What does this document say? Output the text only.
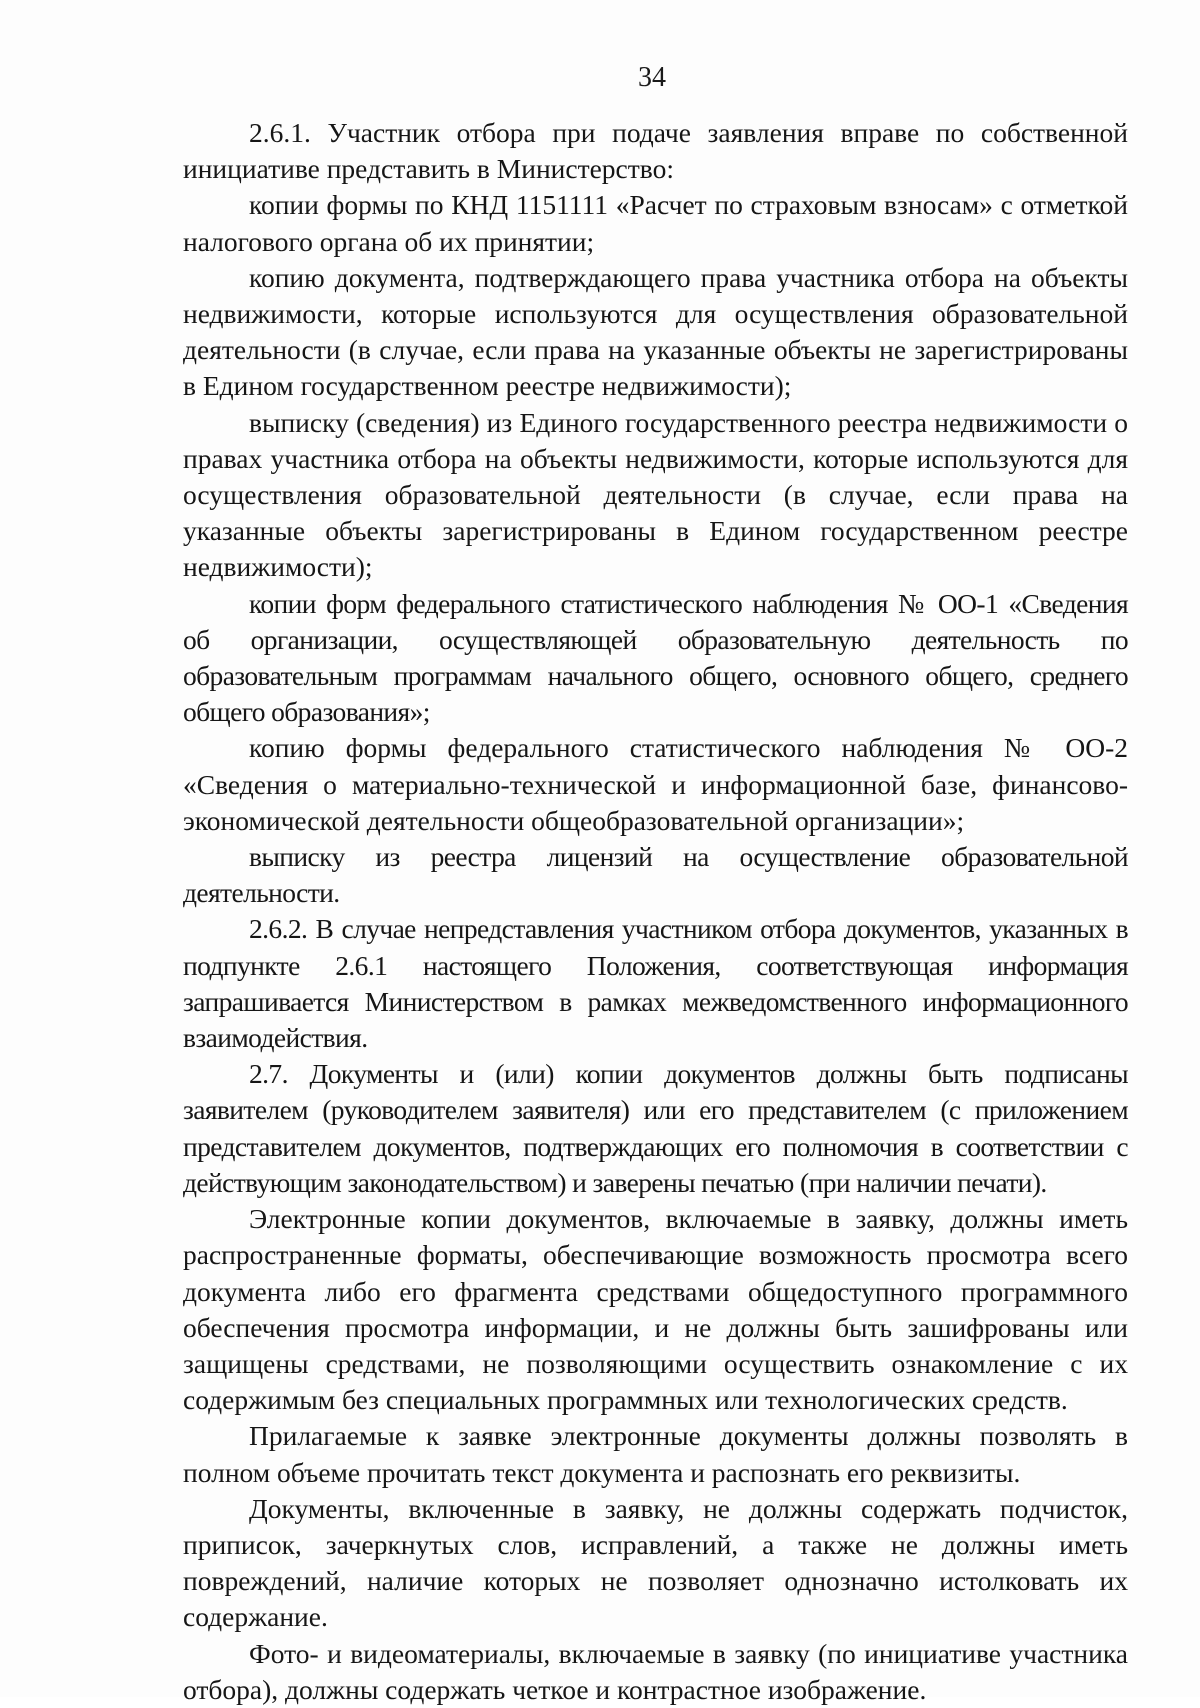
34

2.6.1. Участник отбора при подаче заявления вправе по собственной инициативе представить в Министерство:

копии формы по КНД 1151111 «Расчет по страховым взносам» с отметкой налогового органа об их принятии;

копию документа, подтверждающего права участника отбора на объекты недвижимости, которые используются для осуществления образовательной деятельности (в случае, если права на указанные объекты не зарегистрированы в Едином государственном реестре недвижимости);

выписку (сведения) из Единого государственного реестра недвижимости о правах участника отбора на объекты недвижимости, которые используются для осуществления образовательной деятельности (в случае, если права на указанные объекты зарегистрированы в Едином государственном реестре недвижимости);

копии форм федерального статистического наблюдения № ОО-1 «Сведения об организации, осуществляющей образовательную деятельность по образовательным программам начального общего, основного общего, среднего общего образования»;

копию формы федерального статистического наблюдения № ОО-2 «Сведения о материально-технической и информационной базе, финансово-экономической деятельности общеобразовательной организации»;

выписку из реестра лицензий на осуществление образовательной деятельности.

2.6.2. В случае непредставления участником отбора документов, указанных в подпункте 2.6.1 настоящего Положения, соответствующая информация запрашивается Министерством в рамках межведомственного информационного взаимодействия.

2.7. Документы и (или) копии документов должны быть подписаны заявителем (руководителем заявителя) или его представителем (с приложением представителем документов, подтверждающих его полномочия в соответствии с действующим законодательством) и заверены печатью (при наличии печати).

Электронные копии документов, включаемые в заявку, должны иметь распространенные форматы, обеспечивающие возможность просмотра всего документа либо его фрагмента средствами общедоступного программного обеспечения просмотра информации, и не должны быть зашифрованы или защищены средствами, не позволяющими осуществить ознакомление с их содержимым без специальных программных или технологических средств.

Прилагаемые к заявке электронные документы должны позволять в полном объеме прочитать текст документа и распознать его реквизиты.

Документы, включенные в заявку, не должны содержать подчисток, приписок, зачеркнутых слов, исправлений, а также не должны иметь повреждений, наличие которых не позволяет однозначно истолковать их содержание.

Фото- и видеоматериалы, включаемые в заявку (по инициативе участника отбора), должны содержать четкое и контрастное изображение.
